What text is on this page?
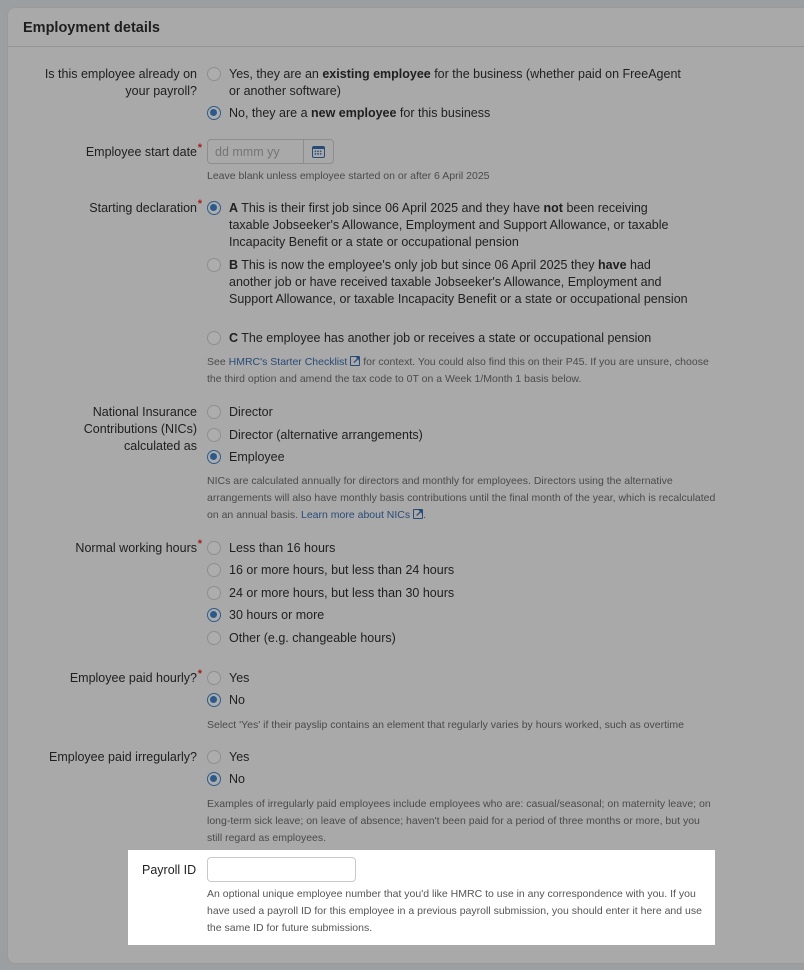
Employment details
Is this employee already on
your payroll?
Yes, they are an existing employee for the business (whether paid on FreeAgent or another software)
No, they are a new employee for this business
Employee start date *
dd mmm yy
Leave blank unless employee started on or after 6 April 2025
Starting declaration * A This is their first job since 06 April 2025 and they have not been receiving taxable Jobseeker's Allowance, Employment and Support Allowance, or taxable Incapacity Benefit or a state or occupational pension
B This is now the employee's only job but since 06 April 2025 they have had another job or have received taxable Jobseeker's Allowance, Employment and Support Allowance, or taxable Incapacity Benefit or a state or occupational pension
C The employee has another job or receives a state or occupational pension
See HMRC's Starter Checklist↗ for context. You could also find this on their P45. If you are unsure, choose the third option and amend the tax code to 0T on a Week 1/Month 1 basis below.
National Insurance
Contributions (NICs)
calculated as
Director
Director (alternative arrangements)
Employee
NICs are calculated annually for directors and monthly for employees. Directors using the alternative arrangements will also have monthly basis contributions until the final month of the year, which is recalculated on an annual basis. Learn more about NICs ↗ .
Normal working hours * Less than 16 hours
16 or more hours, but less than 24 hours
24 or more hours, but less than 30 hours
30 hours or more
Other (e.g. changeable hours)
Employee paid hourly? * Yes
No
Select 'Yes' if their payslip contains an element that regularly varies by hours worked, such as overtime
Employee paid irregularly?	Yes
No
Examples of irregularly paid employees include employees who are: casual/seasonal; on maternity leave; on long-term sick leave; on leave of absence; haven't been paid for a period of three months or more, but you still regard as employees.
Payroll ID
An optional unique employee number that you'd like HMRC to use in any correspondence with you. If you have used a payroll ID for this employee in a previous payroll submission, you should enter it here and use the same ID for future submissions.
